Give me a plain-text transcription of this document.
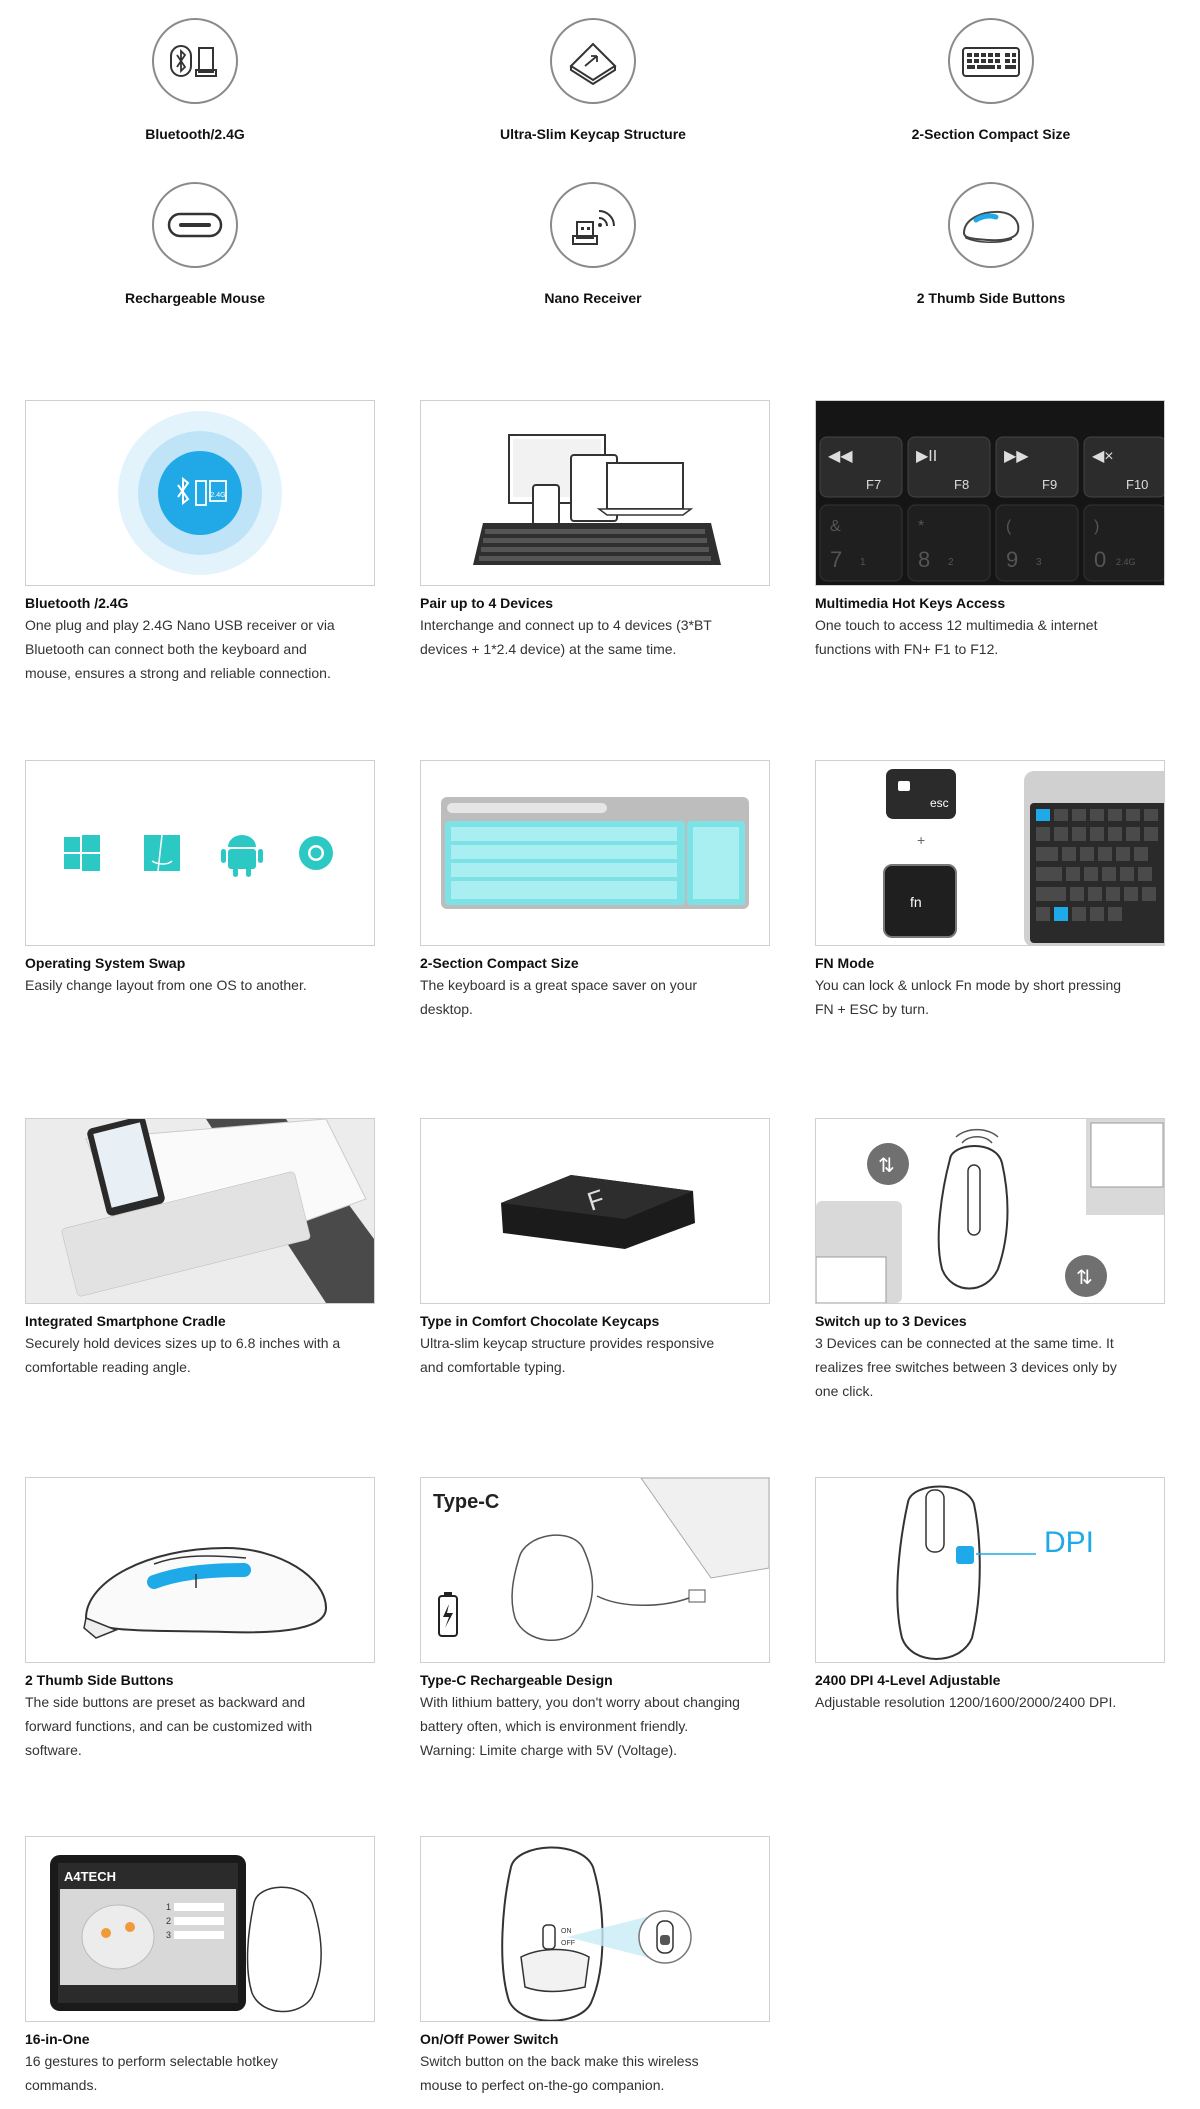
Bluetooth/2.4G	Ultra-Slim Keycap Structure	2-Section Compact Size
Rechargeable Mouse	Nano Receiver	2 Thumb Side Buttons
2.4G
Bluetooth /2.4G
One plug and play 2.4G Nano USB receiver or via
Bluetooth can connect both the keyboard and
mouse, ensures a strong and reliable connection.
Pair up to 4 Devices
Interchange and connect up to 4 devices (3*BT
devices + 1*2.4 device) at the same time.
◀◀	▶II	▶▶	◀×
F7	F8	F9	F10
&	*	(	)
7	8	9	0
1	2	3	2.4G
Multimedia Hot Keys Access
One touch to access 12 multimedia & internet
functions with FN+ F1 to F12.
Operating System Swap
Easily change layout from one OS to another.
2-Section Compact Size
The keyboard is a great space saver on your
desktop.
esc
+
fn
FN Mode
You can lock & unlock Fn mode by short pressing
FN + ESC by turn.
Integrated Smartphone Cradle
Securely hold devices sizes up to 6.8 inches with a
comfortable reading angle.
F
Type in Comfort Chocolate Keycaps
Ultra-slim keycap structure provides responsive
and comfortable typing.
⇅
⇅
Switch up to 3 Devices
3 Devices can be connected at the same time. It
realizes free switches between 3 devices only by
one click.
2 Thumb Side Buttons
The side buttons are preset as backward and
forward functions, and can be customized with
software.
Type-C
Type-C Rechargeable Design
With lithium battery, you don't worry about changing
battery often, which is environment friendly.
Warning: Limite charge with 5V (Voltage).
DPI
2400 DPI 4-Level Adjustable
Adjustable resolution 1200/1600/2000/2400 DPI.
A4TECH
1
2
3
16-in-One
16 gestures to perform selectable hotkey
commands.
ON
OFF
On/Off Power Switch
Switch button on the back make this wireless
mouse to perfect on-the-go companion.
